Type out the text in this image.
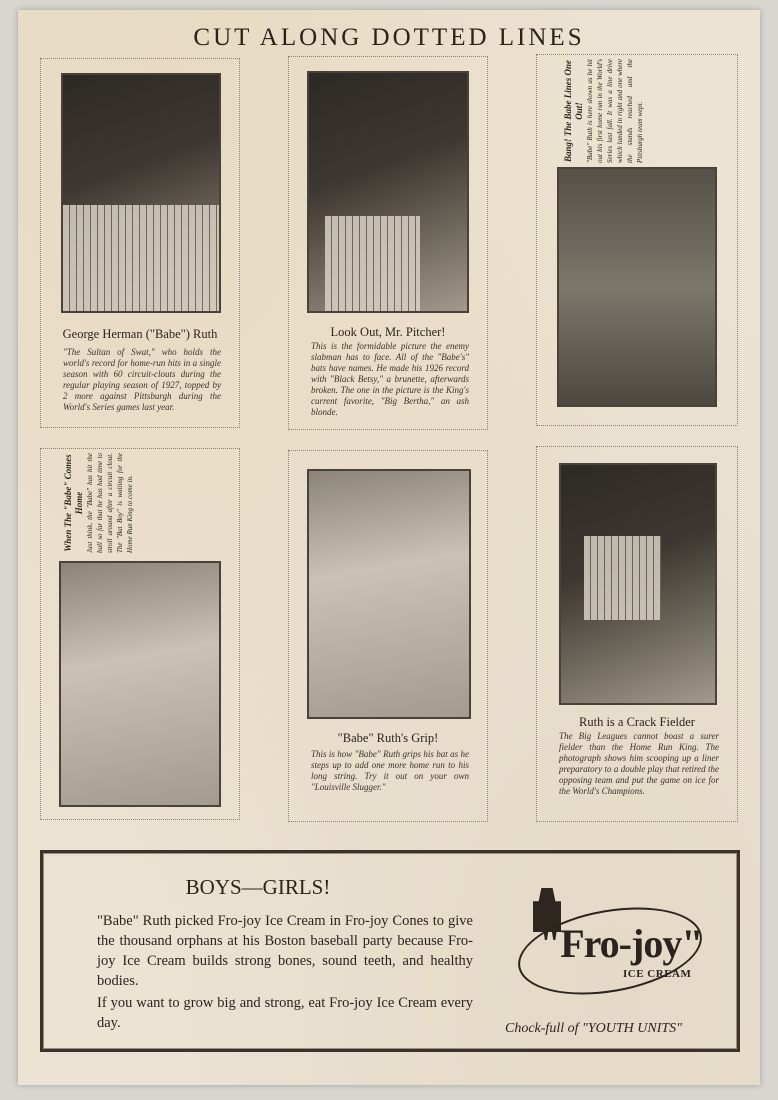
CUT ALONG DOTTED LINES
George Herman ("Babe") Ruth
"The Sultan of Swat," who holds the world's record for home-run hits in a single season with 60 circuit-clouts during the regular playing season of 1927, topped by 2 more against Pittsburgh during the World's Series games last year.
Look Out, Mr. Pitcher!
This is the formidable picture the enemy slabman has to face. All of the "Babe's" bats have names. He made his 1926 record with "Black Betsy," a brunette, afterwards broken. The one in the picture is the King's current favorite, "Big Bertha," an ash blonde.
Bang! The Babe Lines One Out! "Babe" Ruth is here shown as he hit out his first home run in the World's Series last fall. It was a line drive which landed in right and one where the stands reached and the Pittsburgh team wept.
When The "Babe" Comes Home Just think, the "Babe" has hit the ball so far that he has had time to stroll around after a circuit clout. The "Bat Boy" is waiting for the Home Run King to come in.
"Babe" Ruth's Grip!
This is how "Babe" Ruth grips his bat as he steps up to add one more home run to his long string. Try it out on your own "Louisville Slugger."
Ruth is a Crack Fielder
The Big Leagues cannot boast a surer fielder than the Home Run King. The photograph shows him scooping up a liner preparatory to a double play that retired the opposing team and put the game on ice for the World's Champions.
BOYS—GIRLS!
"Babe" Ruth picked Fro-joy Ice Cream in Fro-joy Cones to give the thousand orphans at his Boston baseball party because Fro-joy Ice Cream builds strong bones, sound teeth, and healthy bodies.
If you want to grow big and strong, eat Fro-joy Ice Cream every day.
"Fro-joy"
ICE CREAM
Chock-full of "YOUTH UNITS"
